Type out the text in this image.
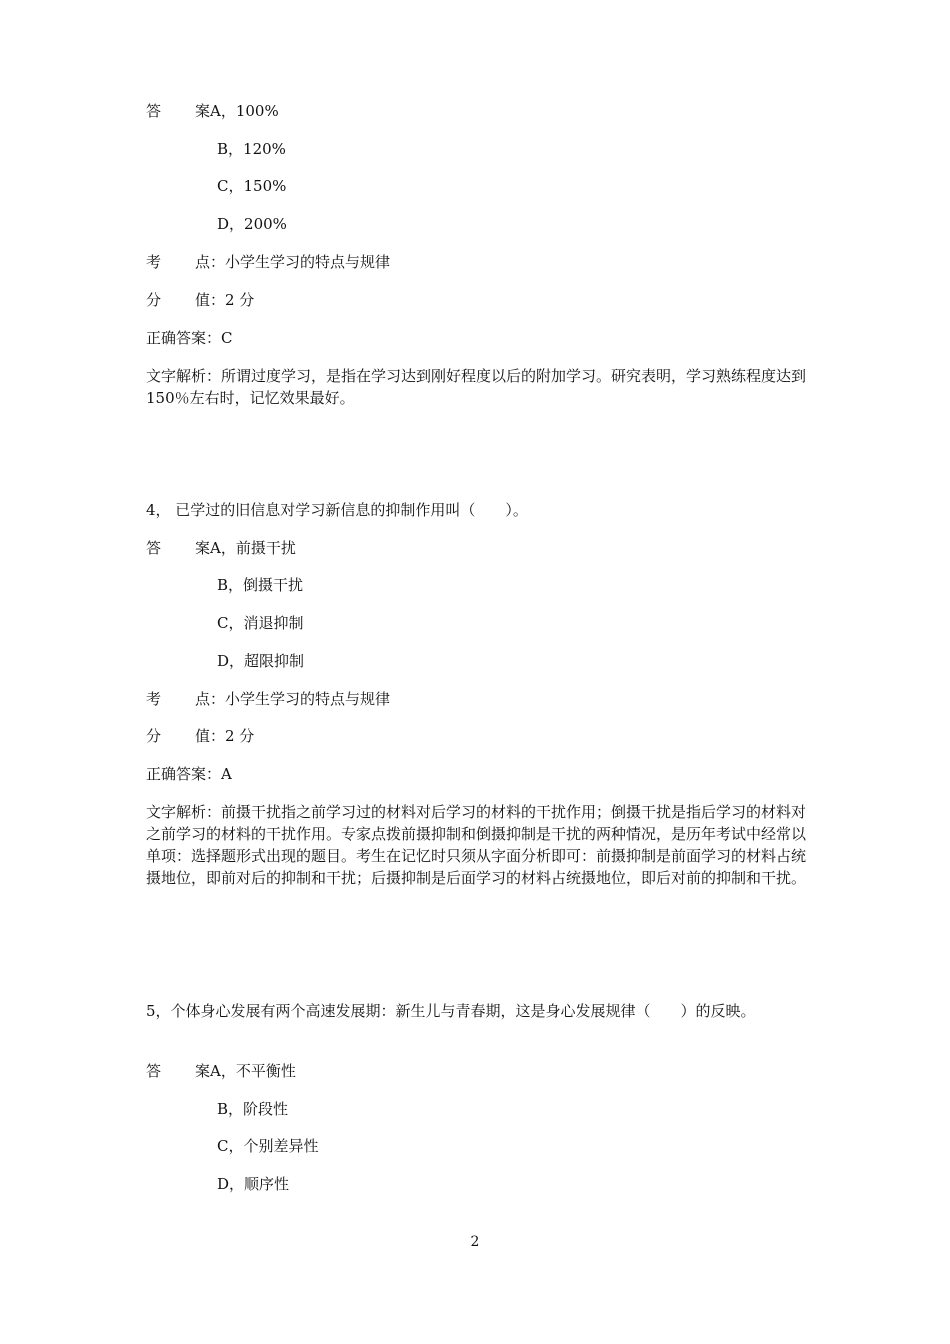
答 案A，100%
B，120%
C，150%
D，200%
考 点：小学生学习的特点与规律
分 值：2 分
正确答案：C
文字解析：所谓过度学习，是指在学习达到刚好程度以后的附加学习。研究表明，学习熟练程度达到 150％左右时，记忆效果最好。
4， 已学过的旧信息对学习新信息的抑制作用叫（　　）。
答 案A，前摄干扰
B，倒摄干扰
C，消退抑制
D，超限抑制
考 点：小学生学习的特点与规律
分 值：2 分
正确答案：A
文字解析：前摄干扰指之前学习过的材料对后学习的材料的干扰作用；倒摄干扰是指后学习的材料对之前学习的材料的干扰作用。专家点拨前摄抑制和倒摄抑制是干扰的两种情况，是历年考试中经常以单项：选择题形式出现的题目。考生在记忆时只须从字面分析即可：前摄抑制是前面学习的材料占统摄地位，即前对后的抑制和干扰；后摄抑制是后面学习的材料占统摄地位，即后对前的抑制和干扰。
5，个体身心发展有两个高速发展期：新生儿与青春期，这是身心发展规律（　　）的反映。
答 案A，不平衡性
B，阶段性
C，个别差异性
D，顺序性
2
